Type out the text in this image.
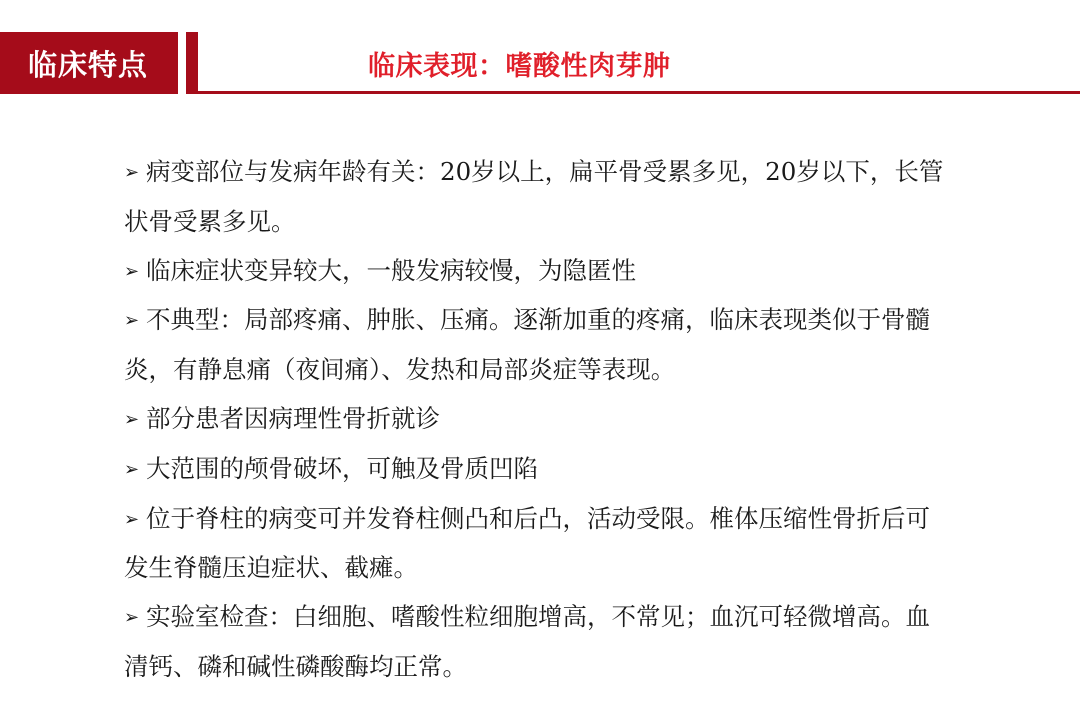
临床特点	临床表现：嗜酸性肉芽肿

➢ 病变部位与发病年龄有关：20岁以上，扁平骨受累多见，20岁以下，长管状骨受累多见。

➢ 临床症状变异较大，一般发病较慢，为隐匿性

➢ 不典型：局部疼痛、肿胀、压痛。逐渐加重的疼痛，临床表现类似于骨髓炎，有静息痛（夜间痛）、发热和局部炎症等表现。

➢ 部分患者因病理性骨折就诊

➢ 大范围的颅骨破坏，可触及骨质凹陷

➢ 位于脊柱的病变可并发脊柱侧凸和后凸，活动受限。椎体压缩性骨折后可发生脊髓压迫症状、截瘫。

➢ 实验室检查：白细胞、嗜酸性粒细胞增高，不常见；血沉可轻微增高。血清钙、磷和碱性磷酸酶均正常。
